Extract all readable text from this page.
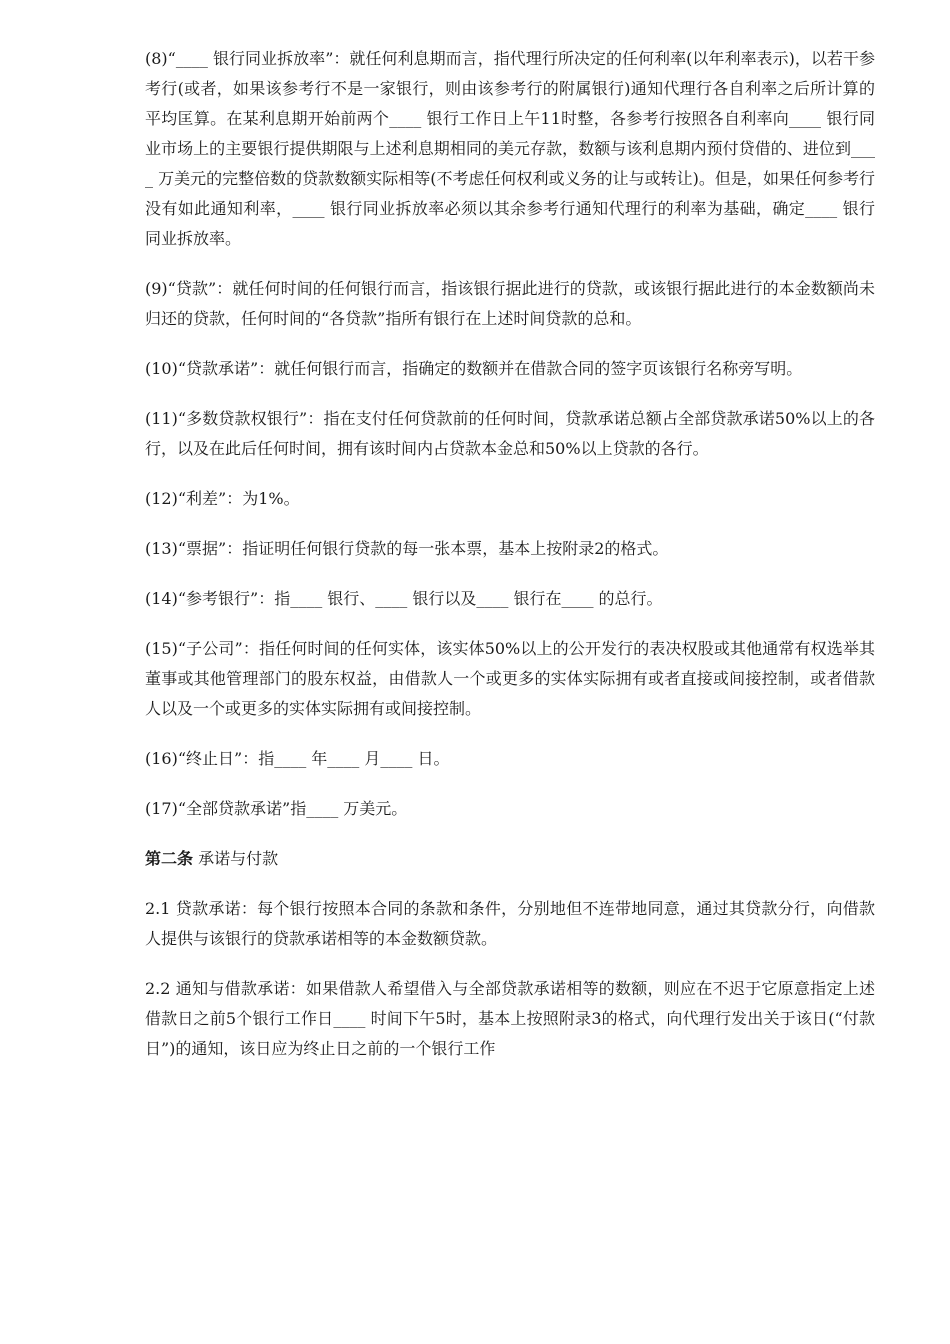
(8)“____ 银行同业拆放率”：就任何利息期而言，指代理行所决定的任何利率(以年利率表示)，以若干参考行(或者，如果该参考行不是一家银行，则由该参考行的附属银行)通知代理行各自利率之后所计算的平均匡算。在某利息期开始前两个____ 银行工作日上午11时整，各参考行按照各自利率向____ 银行同业市场上的主要银行提供期限与上述利息期相同的美元存款，数额与该利息期内预付贷借的、进位到____ 万美元的完整倍数的贷款数额实际相等(不考虑任何权利或义务的让与或转让)。但是，如果任何参考行没有如此通知利率，____ 银行同业拆放率必须以其余参考行通知代理行的利率为基础，确定____ 银行同业拆放率。

(9)“贷款”：就任何时间的任何银行而言，指该银行据此进行的贷款，或该银行据此进行的本金数额尚未归还的贷款，任何时间的“各贷款”指所有银行在上述时间贷款的总和。

(10)“贷款承诺”：就任何银行而言，指确定的数额并在借款合同的签字页该银行名称旁写明。

(11)“多数贷款权银行”：指在支付任何贷款前的任何时间，贷款承诺总额占全部贷款承诺50%以上的各行，以及在此后任何时间，拥有该时间内占贷款本金总和50%以上贷款的各行。

(12)“利差”：为1%。

(13)“票据”：指证明任何银行贷款的每一张本票，基本上按附录2的格式。

(14)“参考银行”：指____ 银行、____ 银行以及____ 银行在____ 的总行。

(15)“子公司”：指任何时间的任何实体，该实体50%以上的公开发行的表决权股或其他通常有权选举其董事或其他管理部门的股东权益，由借款人一个或更多的实体实际拥有或者直接或间接控制，或者借款人以及一个或更多的实体实际拥有或间接控制。

(16)“终止日”：指____ 年____ 月____ 日。

(17)“全部贷款承诺”指____ 万美元。

第二条 承诺与付款

2.1 贷款承诺：每个银行按照本合同的条款和条件，分别地但不连带地同意，通过其贷款分行，向借款人提供与该银行的贷款承诺相等的本金数额贷款。

2.2 通知与借款承诺：如果借款人希望借入与全部贷款承诺相等的数额，则应在不迟于它原意指定上述借款日之前5个银行工作日____ 时间下午5时，基本上按照附录3的格式，向代理行发出关于该日(“付款日”)的通知，该日应为终止日之前的一个银行工作
